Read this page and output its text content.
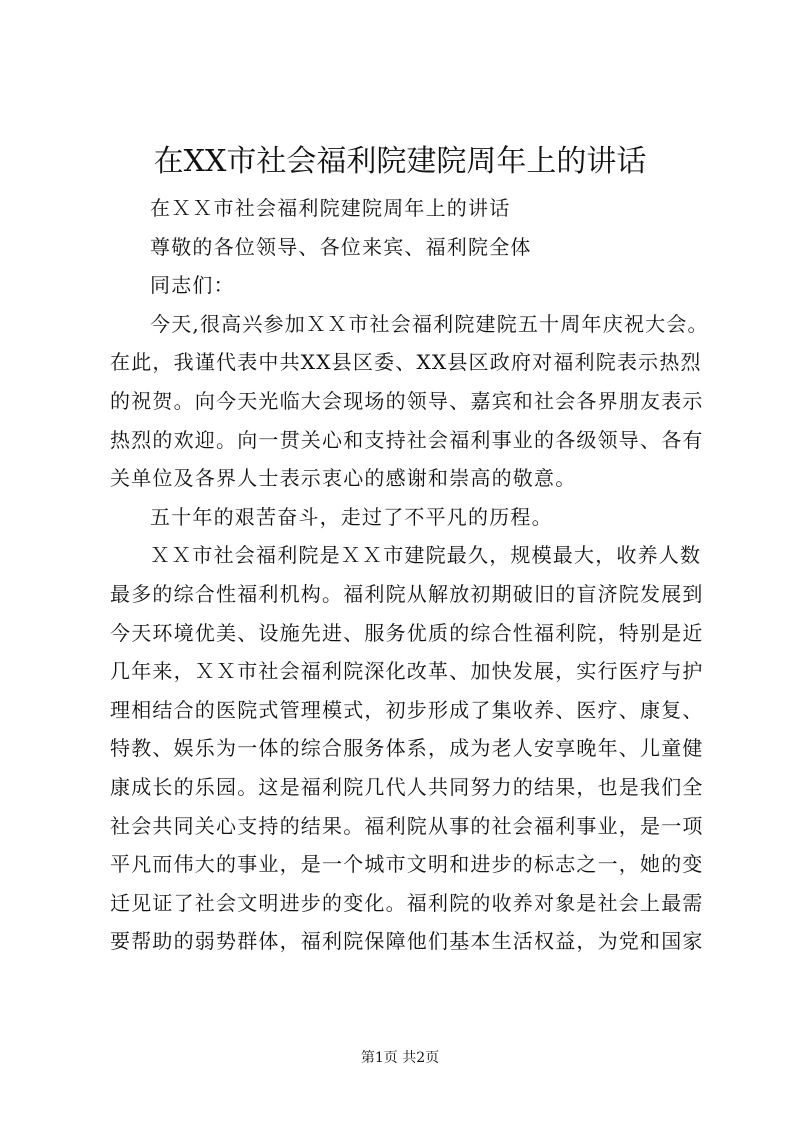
在XX市社会福利院建院周年上的讲话
在ＸＸ市社会福利院建院周年上的讲话
尊敬的各位领导、各位来宾、福利院全体
同志们：
今天,很高兴参加ＸＸ市社会福利院建院五十周年庆祝大会。
在此，我谨代表中共XX县区委、XX县区政府对福利院表示热烈
的祝贺。向今天光临大会现场的领导、嘉宾和社会各界朋友表示
热烈的欢迎。向一贯关心和支持社会福利事业的各级领导、各有
关单位及各界人士表示衷心的感谢和崇高的敬意。
五十年的艰苦奋斗，走过了不平凡的历程。
ＸＸ市社会福利院是ＸＸ市建院最久，规模最大，收养人数
最多的综合性福利机构。福利院从解放初期破旧的盲济院发展到
今天环境优美、设施先进、服务优质的综合性福利院，特别是近
几年来，ＸＸ市社会福利院深化改革、加快发展，实行医疗与护
理相结合的医院式管理模式，初步形成了集收养、医疗、康复、
特教、娱乐为一体的综合服务体系，成为老人安享晚年、儿童健
康成长的乐园。这是福利院几代人共同努力的结果，也是我们全
社会共同关心支持的结果。福利院从事的社会福利事业，是一项
平凡而伟大的事业，是一个城市文明和进步的标志之一，她的变
迁见证了社会文明进步的变化。福利院的收养对象是社会上最需
要帮助的弱势群体，福利院保障他们基本生活权益，为党和国家
第1页 共2页
